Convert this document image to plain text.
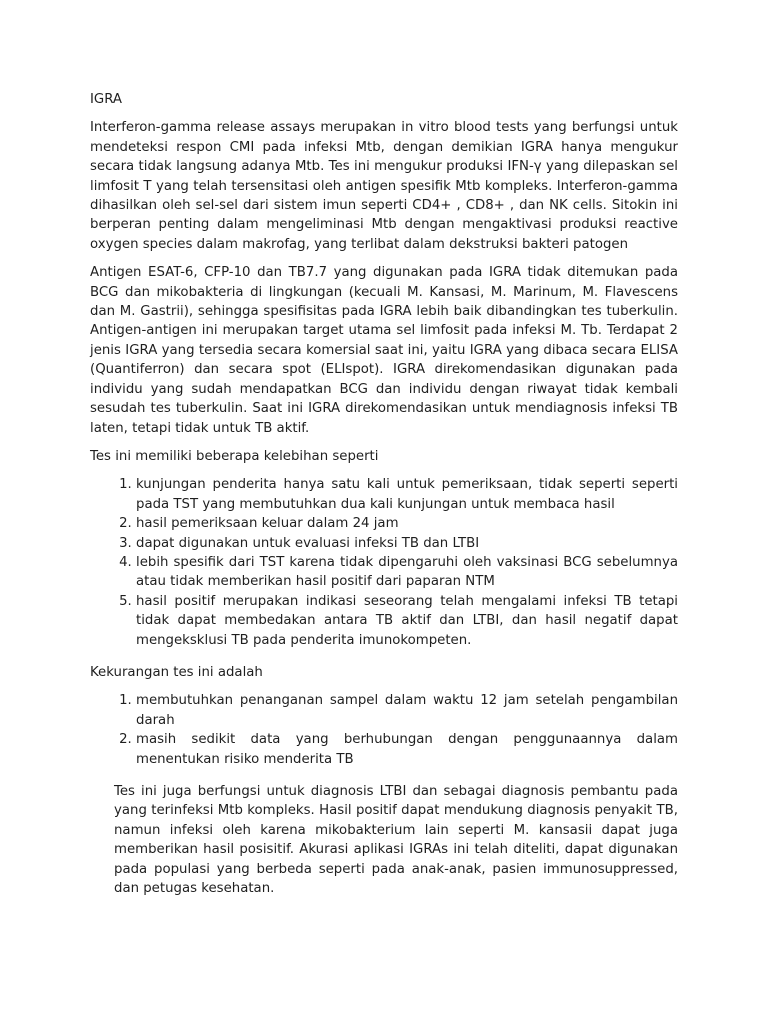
IGRA

Interferon-gamma release assays merupakan in vitro blood tests yang berfungsi untuk mendeteksi respon CMI pada infeksi Mtb, dengan demikian IGRA hanya mengukur secara tidak langsung adanya Mtb. Tes ini mengukur produksi IFN-γ yang dilepaskan sel limfosit T yang telah tersensitasi oleh antigen spesifik Mtb kompleks. Interferon-gamma dihasilkan oleh sel-sel dari sistem imun seperti CD4+ , CD8+ , dan NK cells. Sitokin ini berperan penting dalam mengeliminasi Mtb dengan mengaktivasi produksi reactive oxygen species dalam makrofag, yang terlibat dalam dekstruksi bakteri patogen

Antigen ESAT-6, CFP-10 dan TB7.7 yang digunakan pada IGRA tidak ditemukan pada BCG dan mikobakteria di lingkungan (kecuali M. Kansasi, M. Marinum, M. Flavescens dan M. Gastrii), sehingga spesifisitas pada IGRA lebih baik dibandingkan tes tuberkulin. Antigen-antigen ini merupakan target utama sel limfosit pada infeksi M. Tb. Terdapat 2 jenis IGRA yang tersedia secara komersial saat ini, yaitu IGRA yang dibaca secara ELISA (Quantiferron) dan secara spot (ELIspot). IGRA direkomendasikan digunakan pada individu yang sudah mendapatkan BCG dan individu dengan riwayat tidak kembali sesudah tes tuberkulin. Saat ini IGRA direkomendasikan untuk mendiagnosis infeksi TB laten, tetapi tidak untuk TB aktif.

Tes ini memiliki beberapa kelebihan seperti
1. kunjungan penderita hanya satu kali untuk pemeriksaan, tidak seperti seperti pada TST yang membutuhkan dua kali kunjungan untuk membaca hasil
2. hasil pemeriksaan keluar dalam 24 jam
3. dapat digunakan untuk evaluasi infeksi TB dan LTBI
4. lebih spesifik dari TST karena tidak dipengaruhi oleh vaksinasi BCG sebelumnya atau tidak memberikan hasil positif dari paparan NTM
5. hasil positif merupakan indikasi seseorang telah mengalami infeksi TB tetapi tidak dapat membedakan antara TB aktif dan LTBI, dan hasil negatif dapat mengeksklusi TB pada penderita imunokompeten.
Kekurangan tes ini adalah
1. membutuhkan penanganan sampel dalam waktu 12 jam setelah pengambilan darah
2. masih sedikit data yang berhubungan dengan penggunaannya dalam menentukan risiko menderita TB

Tes ini juga berfungsi untuk diagnosis LTBI dan sebagai diagnosis pembantu pada yang terinfeksi Mtb kompleks. Hasil positif dapat mendukung diagnosis penyakit TB, namun infeksi oleh karena mikobakterium lain seperti M. kansasii dapat juga memberikan hasil posisitif. Akurasi aplikasi IGRAs ini telah diteliti, dapat digunakan pada populasi yang berbeda seperti pada anak-anak, pasien immunosuppressed, dan petugas kesehatan.
